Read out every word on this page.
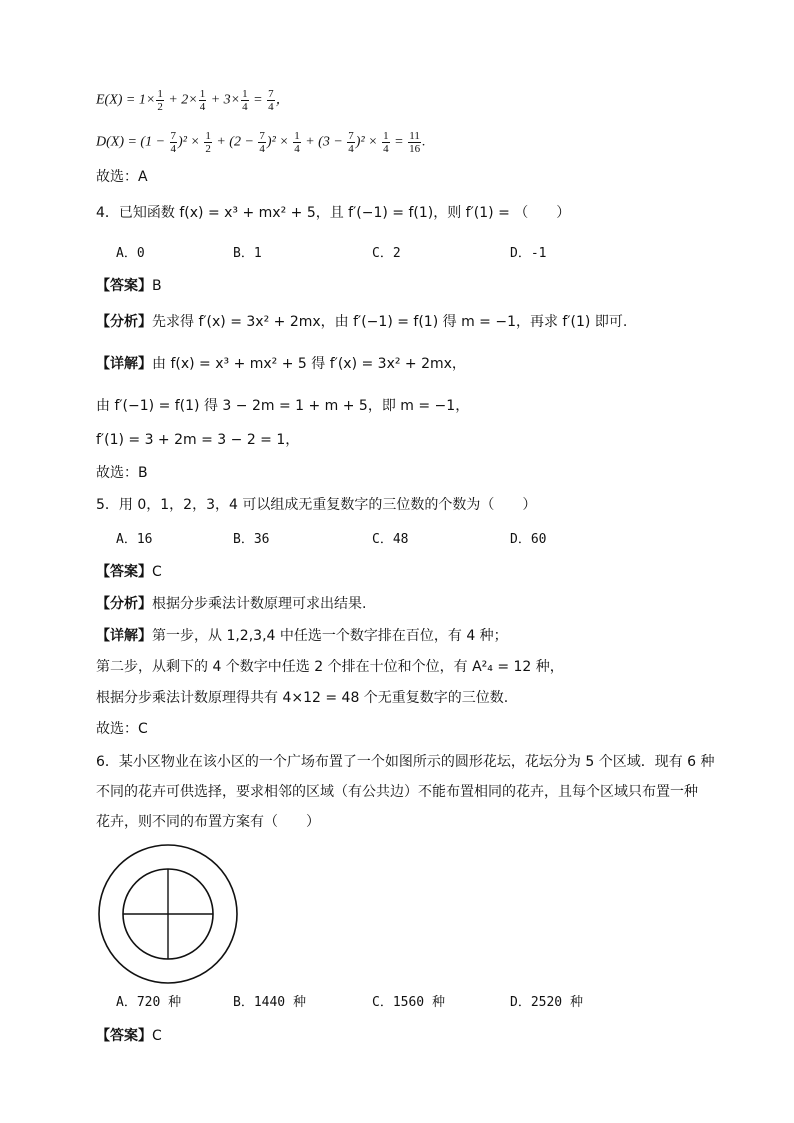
$E(X) = 1\times \frac{1}{2} + 2\times \frac{1}{4} + 3\times \frac{1}{4} = \frac{7}{4}$ ，
$D(X) = (1 - \frac{7}{4} )^2 \times \frac{1}{2} + (2 - \frac{7}{4} )^2 \times \frac{1}{4} + (3 - \frac{7}{4} )^2 \times \frac{1}{4} = \frac{11}{16}$ .
故选：A
4．已知函数 f(x) = x³ + mx² + 5，且 f′(−1) = f(1)，则 f′(1) = （　　）
A．0	B．1	C．2	D．-1
【答案】B
【分析】先求得 f′(x) = 3x² + 2mx，由 f′(−1) = f(1) 得 m = −1，再求 f′(1) 即可.
【详解】由 f(x) = x³ + mx² + 5 得 f′(x) = 3x² + 2mx，
由 f′(−1) = f(1) 得 3 − 2m = 1 + m + 5，即 m = −1，
f′(1) = 3 + 2m = 3 − 2 = 1，
故选：B
5．用 0，1，2，3，4 可以组成无重复数字的三位数的个数为（　　）
A．16	B．36	C．48	D．60
【答案】C
【分析】根据分步乘法计数原理可求出结果.
【详解】第一步，从 1,2,3,4 中任选一个数字排在百位，有 4 种；
第二步，从剩下的 4 个数字中任选 2 个排在十位和个位，有 A²₄ = 12 种，
根据分步乘法计数原理得共有 4×12 = 48 个无重复数字的三位数.
故选：C
6．某小区物业在该小区的一个广场布置了一个如图所示的圆形花坛，花坛分为 5 个区域．现有 6 种
不同的花卉可供选择，要求相邻的区域（有公共边）不能布置相同的花卉，且每个区域只布置一种
花卉，则不同的布置方案有（　　）
A．720 种	B．1440 种	C．1560 种	D．2520 种
【答案】C
